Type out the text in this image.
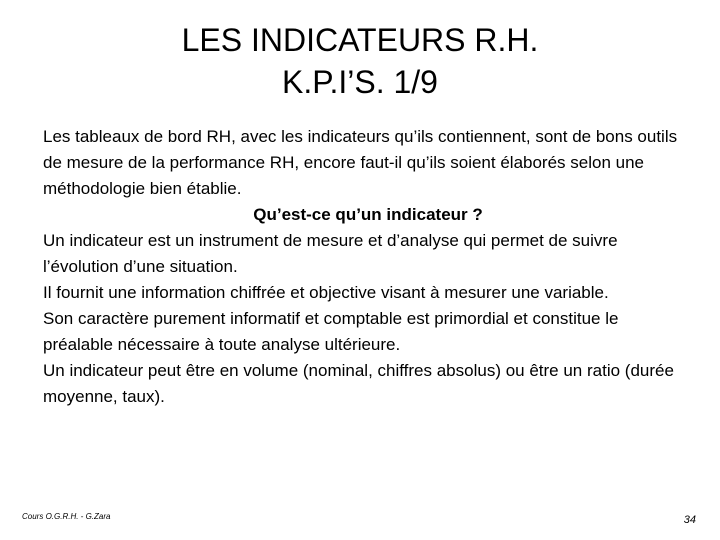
LES INDICATEURS R.H.
K.P.I’S. 1/9

Les tableaux de bord RH, avec les indicateurs qu’ils contiennent, sont de bons outils de mesure de la performance RH, encore faut-il qu’ils soient élaborés selon une méthodologie bien établie.

Qu’est-ce qu’un indicateur ?

Un indicateur est un instrument de mesure et d’analyse qui permet de suivre l’évolution d’une situation.

Il fournit une information chiffrée et objective visant à mesurer une variable.

Son caractère purement informatif et comptable est primordial et constitue le préalable nécessaire à toute analyse ultérieure.

Un indicateur peut être en volume (nominal, chiffres absolus) ou être un ratio (durée moyenne, taux).

Cours O.G.R.H. - G.Zara	34
